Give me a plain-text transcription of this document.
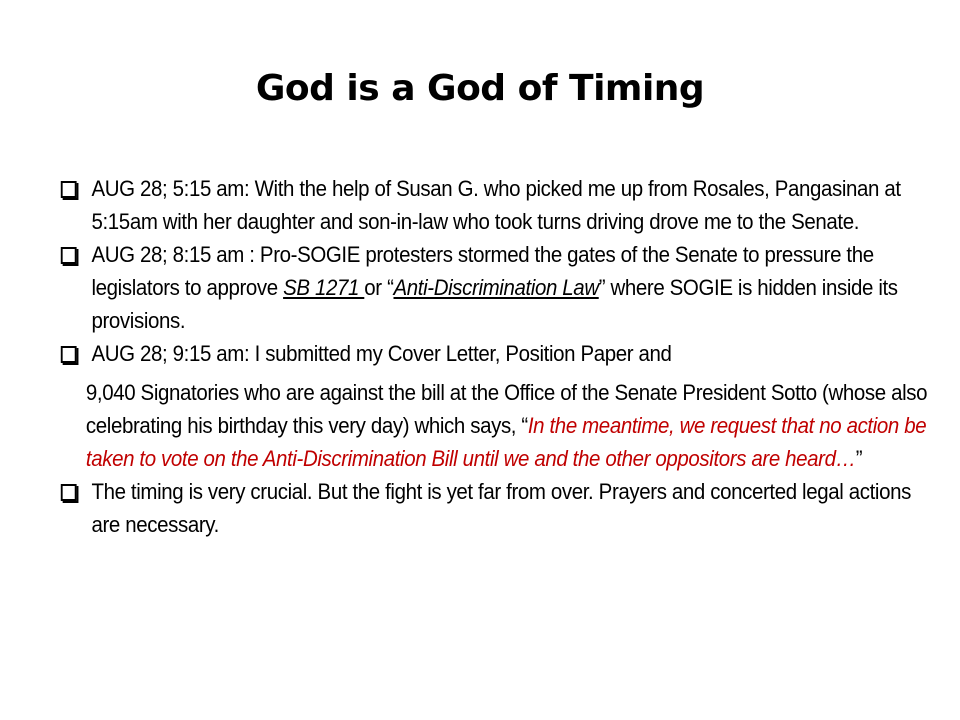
God is a God of Timing
AUG 28; 5:15 am: With the help of Susan G. who picked me up from Rosales, Pangasinan at 5:15am with her daughter and son-in-law who took turns driving drove me to the Senate.
AUG 28; 8:15 am : Pro-SOGIE protesters stormed the gates of the Senate to pressure the legislators to approve SB 1271 or “Anti-Discrimination Law” where SOGIE is hidden inside its provisions.
AUG 28; 9:15 am: I submitted my Cover Letter, Position Paper and
9,040 Signatories who are against the bill at the Office of the Senate President Sotto (whose also celebrating his birthday this very day) which says, “In the meantime, we request that no action be taken to vote on the Anti-Discrimination Bill until we and the other oppositors are heard…”
The timing is very crucial. But the fight is yet far from over. Prayers and concerted legal actions are necessary.
